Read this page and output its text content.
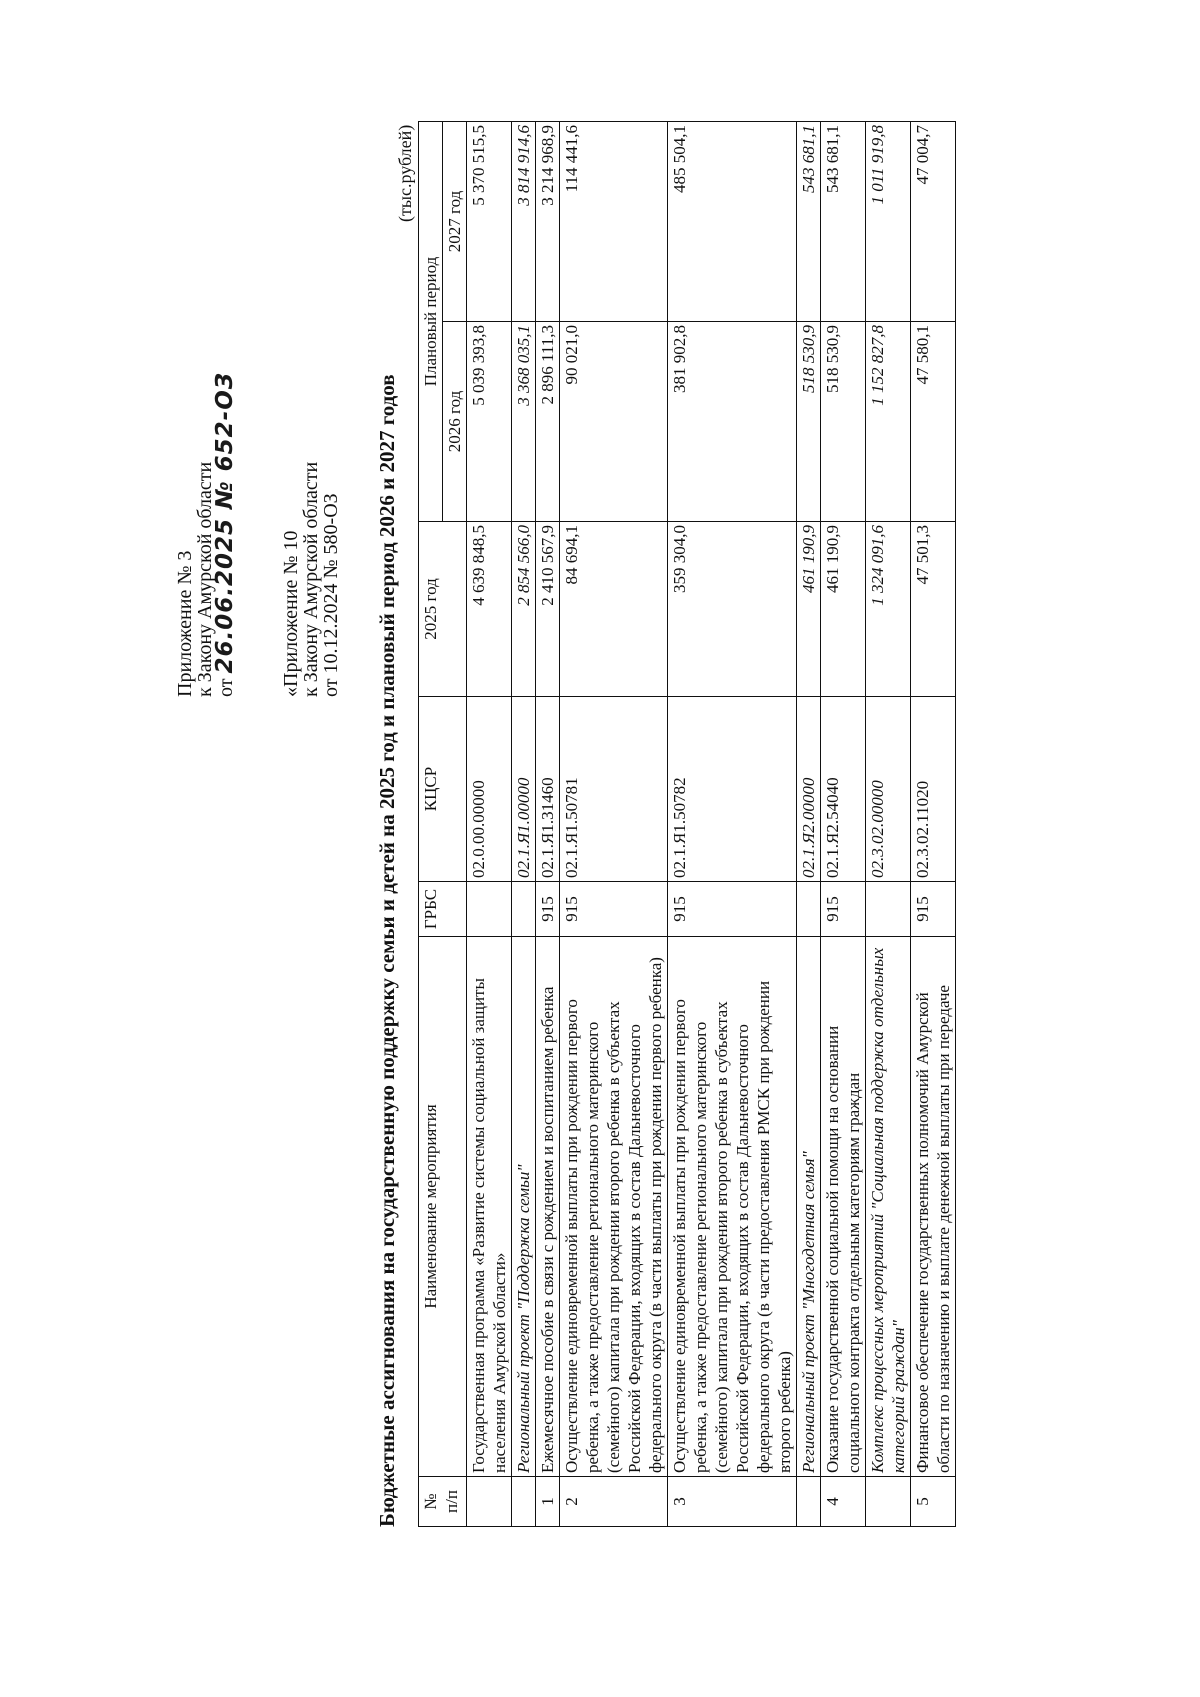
Приложение № 3
к Закону Амурской области от 26.06.2025 № 652-ОЗ «Приложение № 10
к Закону Амурской области
от 10.12.2024 № 580-ОЗ Бюджетные ассигнования на государственную поддержку семьи и детей на 2025 год и плановый период 2026 и 2027 годов
(тыс.рублей)
№ п/п	Наименование мероприятия	ГРБС	КЦСР	2025 год	Плановый период	
					2026 год	2027 год
	Государственная программа «Развитие системы социальной защиты населения Амурской области»		02.0.00.00000	4 639 848,5	5 039 393,8	5 370 515,5
	Региональный проект "Поддержка семьи"		02.1.Я1.00000	2 854 566,0	3 368 035,1	3 814 914,6
1	Ежемесячное пособие в связи с рождением и воспитанием ребенка	915	02.1.Я1.31460	2 410 567,9	2 896 111,3	3 214 968,9
2	Осуществление единовременной выплаты при рождении первого ребенка, а также предоставление регионального материнского (семейного) капитала при рождении второго ребенка в субъектах Российской Федерации, входящих в состав Дальневосточного федерального округа (в части выплаты при рождении первого ребенка)	915	02.1.Я1.50781	84 694,1	90 021,0	114 441,6
3	Осуществление единовременной выплаты при рождении первого ребенка, а также предоставление регионального материнского (семейного) капитала при рождении второго ребенка в субъектах Российской Федерации, входящих в состав Дальневосточного федерального округа (в части предоставления РМСК при рождении второго ребенка)	915	02.1.Я1.50782	359 304,0	381 902,8	485 504,1
	Региональный проект "Многодетная семья"		02.1.Я2.00000	461 190,9	518 530,9	543 681,1
4	Оказание государственной социальной помощи на основании социального контракта отдельным категориям граждан	915	02.1.Я2.54040	461 190,9	518 530,9	543 681,1
	Комплекс процессных мероприятий "Социальная поддержка отдельных категорий граждан"		02.3.02.00000	1 324 091,6	1 152 827,8	1 011 919,8
5	Финансовое обеспечение государственных полномочий Амурской области по назначению и выплате денежной выплаты при передаче	915	02.3.02.11020	47 501,3	47 580,1	47 004,7
